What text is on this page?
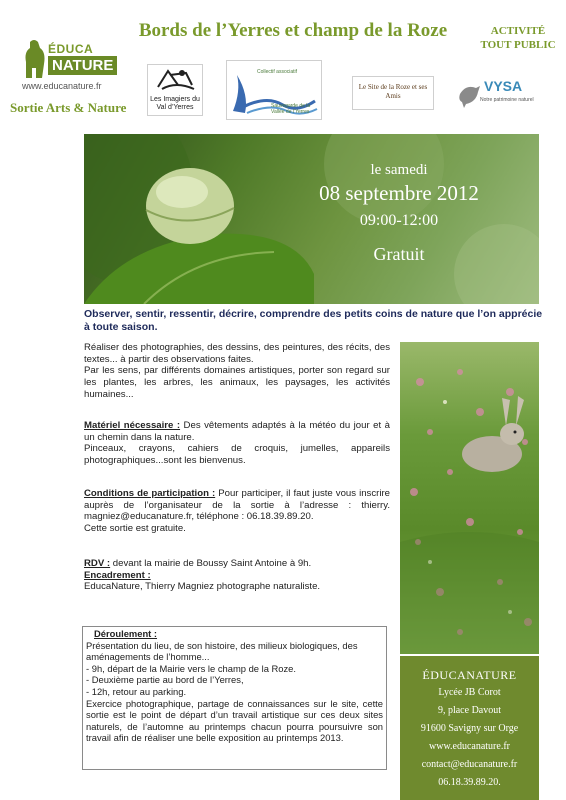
Bords de l’Yerres et champ de la Roze	ACTIVITÉ
TOUT PUBLIC
ÉDUCA
NATURE
www.educanature.fr
Sortie Arts & Nature
Les Imagiers du Val d’Yerres
Collectif associatif
Sauvegarde de la Vallée de l’Yerres
Le Site de la Roze et ses Amis
VYSA
Notre patrimoine naturel
le samedi
08 septembre 2012
09:00-12:00
Gratuit
Observer, sentir, ressentir, décrire, comprendre des petits coins de nature que l’on apprécie à toute saison.
Réaliser des photographies, des dessins, des peintures, des récits, des textes... à partir des observations faites.
Par les sens, par différents domaines artistiques, porter son regard sur les plantes, les arbres, les animaux, les paysages, les activités humaines...
Matériel nécessaire : Des vêtements adaptés à la météo du jour et à un chemin dans la nature.
Pinceaux, crayons, cahiers de croquis, jumelles, appareils photographiques...sont les bienvenus.
Conditions de participation : Pour participer, il faut juste vous inscrire auprès de l’organisateur de la sortie à l’adresse : thierry. magniez@educanature.fr, téléphone : 06.18.39.89.20.
Cette sortie est gratuite.
RDV : devant la mairie de Boussy Saint Antoine à 9h.
Encadrement :
EducaNature, Thierry Magniez photographe naturaliste.
Déroulement :
Présentation du lieu, de son histoire, des milieux biologiques, des aménagements de l’homme...
- 9h, départ de la Mairie vers le champ de la Roze.
- Deuxième partie au bord de l’Yerres,
- 12h, retour au parking.
Exercice photographique, partage de connaissances sur le site, cette sortie est le point de départ d’un travail artistique sur ces deux sites naturels, de l’automne au printemps chacun pourra poursuivre son travail afin de réaliser une belle exposition au printemps 2013.
ÉDUCANATURE
Lycée JB Corot
9, place Davout
91600 Savigny sur Orge
www.educanature.fr
contact@educanature.fr
06.18.39.89.20.
